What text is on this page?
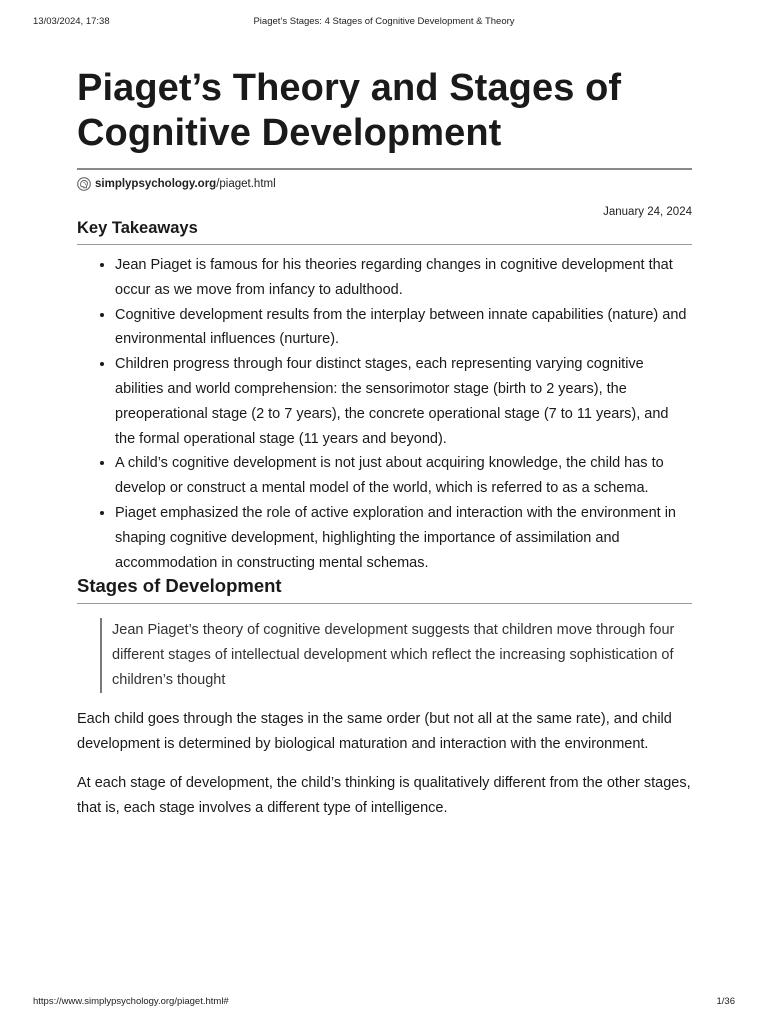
13/03/2024, 17:38	Piaget’s Stages: 4 Stages of Cognitive Development & Theory
Piaget’s Theory and Stages of Cognitive Development
simplypsychology.org /piaget.html
January 24, 2024
Key Takeaways
• Jean Piaget is famous for his theories regarding changes in cognitive development that occur as we move from infancy to adulthood.
• Cognitive development results from the interplay between innate capabilities (nature) and environmental influences (nurture).
• Children progress through four distinct stages, each representing varying cognitive abilities and world comprehension: the sensorimotor stage (birth to 2 years), the preoperational stage (2 to 7 years), the concrete operational stage (7 to 11 years), and the formal operational stage (11 years and beyond).
• A child’s cognitive development is not just about acquiring knowledge, the child has to develop or construct a mental model of the world, which is referred to as a schema.
• Piaget emphasized the role of active exploration and interaction with the environment in shaping cognitive development, highlighting the importance of assimilation and accommodation in constructing mental schemas.
Stages of Development
Jean Piaget’s theory of cognitive development suggests that children move through four different stages of intellectual development which reflect the increasing sophistication of children’s thought

Each child goes through the stages in the same order (but not all at the same rate), and child development is determined by biological maturation and interaction with the environment.

At each stage of development, the child’s thinking is qualitatively different from the other stages, that is, each stage involves a different type of intelligence.

https://www.simplypsychology.org/piaget.html#	1/36
